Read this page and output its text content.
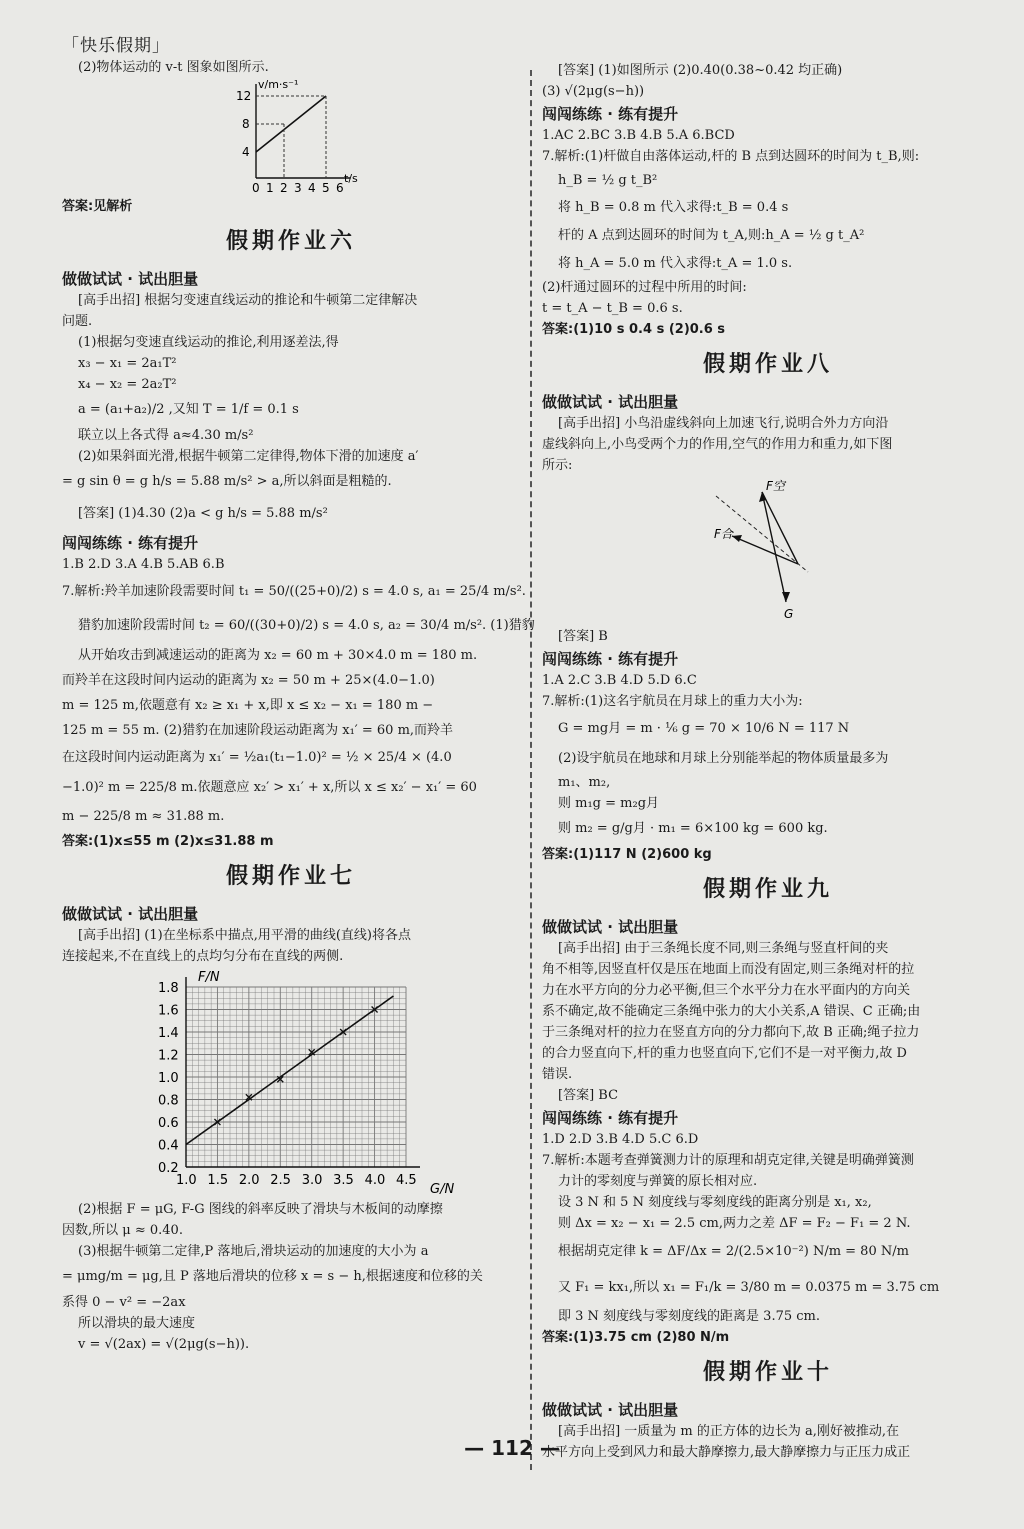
「快乐假期」

(2)物体运动的 v-t 图象如图所示.

v/m·s⁻¹
t/s
12
8
4
0 1 2 3 4 5 6

答案:见解析

假期作业六

做做试试 · 试出胆量

[高手出招] 根据匀变速直线运动的推论和牛顿第二定律解决

问题.

(1)根据匀变速直线运动的推论,利用逐差法,得

x₃ − x₁ = 2a₁T²

x₄ − x₂ = 2a₂T²

a = (a₁+a₂)/2 ,又知 T = 1/f = 0.1 s

联立以上各式得 a≈4.30 m/s²

(2)如果斜面光滑,根据牛顿第二定律得,物体下滑的加速度 a′

= g sin θ = g h/s = 5.88 m/s² > a,所以斜面是粗糙的.

[答案] (1)4.30 (2)a < g h/s = 5.88 m/s²

闯闯练练 · 练有提升

1.B 2.D 3.A 4.B 5.AB 6.B

7.解析:羚羊加速阶段需要时间 t₁ = 50/((25+0)/2) s = 4.0 s, a₁ = 25/4 m/s².

猎豹加速阶段需时间 t₂ = 60/((30+0)/2) s = 4.0 s, a₂ = 30/4 m/s². (1)猎豹

从开始攻击到减速运动的距离为 x₂ = 60 m + 30×4.0 m = 180 m.

而羚羊在这段时间内运动的距离为 x₂ = 50 m + 25×(4.0−1.0)

m = 125 m,依题意有 x₂ ≥ x₁ + x,即 x ≤ x₂ − x₁ = 180 m −

125 m = 55 m. (2)猎豹在加速阶段运动距离为 x₁′ = 60 m,而羚羊

在这段时间内运动距离为 x₁′ = ½a₁(t₁−1.0)² = ½ × 25/4 × (4.0

−1.0)² m = 225/8 m.依题意应 x₂′ > x₁′ + x,所以 x ≤ x₂′ − x₁′ = 60

m − 225/8 m ≈ 31.88 m.

答案:(1)x≤55 m (2)x≤31.88 m

假期作业七

做做试试 · 试出胆量

[高手出招] (1)在坐标系中描点,用平滑的曲线(直线)将各点

连接起来,不在直线上的点均匀分布在直线的两侧.

1.0 1.5 2.0 2.5 3.0 3.5 4.0 4.5
0.2
0.4
0.6
0.8
1.0
1.2
1.4
1.6
1.8
F/N
G/N

(2)根据 F = μG, F-G 图线的斜率反映了滑块与木板间的动摩擦

因数,所以 μ ≈ 0.40.

(3)根据牛顿第二定律,P 落地后,滑块运动的加速度的大小为 a

= μmg/m = μg,且 P 落地后滑块的位移 x = s − h,根据速度和位移的关

系得 0 − v² = −2ax

所以滑块的最大速度

v = √(2ax) = √(2μg(s−h)).

[答案] (1)如图所示 (2)0.40(0.38~0.42 均正确)

(3) √(2μg(s−h))

闯闯练练 · 练有提升

1.AC 2.BC 3.B 4.B 5.A 6.BCD

7.解析:(1)杆做自由落体运动,杆的 B 点到达圆环的时间为 t_B,则:

h_B = ½ g t_B²

将 h_B = 0.8 m 代入求得:t_B = 0.4 s

杆的 A 点到达圆环的时间为 t_A,则:h_A = ½ g t_A²

将 h_A = 5.0 m 代入求得:t_A = 1.0 s.

(2)杆通过圆环的过程中所用的时间:

t = t_A − t_B = 0.6 s.

答案:(1)10 s 0.4 s (2)0.6 s

假期作业八

做做试试 · 试出胆量

[高手出招] 小鸟沿虚线斜向上加速飞行,说明合外力方向沿

虚线斜向上,小鸟受两个力的作用,空气的作用力和重力,如下图

所示:

F空
F合
G

[答案] B

闯闯练练 · 练有提升

1.A 2.C 3.B 4.D 5.D 6.C

7.解析:(1)这名宇航员在月球上的重力大小为:

G = mg月 = m · ⅙ g = 70 × 10/6 N = 117 N

(2)设宇航员在地球和月球上分别能举起的物体质量最多为

m₁、m₂,

则 m₁g = m₂g月

则 m₂ = g/g月 · m₁ = 6×100 kg = 600 kg.

答案:(1)117 N (2)600 kg

假期作业九

做做试试 · 试出胆量

[高手出招] 由于三条绳长度不同,则三条绳与竖直杆间的夹

角不相等,因竖直杆仅是压在地面上而没有固定,则三条绳对杆的拉

力在水平方向的分力必平衡,但三个水平分力在水平面内的方向关

系不确定,故不能确定三条绳中张力的大小关系,A 错误、C 正确;由

于三条绳对杆的拉力在竖直方向的分力都向下,故 B 正确;绳子拉力

的合力竖直向下,杆的重力也竖直向下,它们不是一对平衡力,故 D

错误.

[答案] BC

闯闯练练 · 练有提升

1.D 2.D 3.B 4.D 5.C 6.D

7.解析:本题考查弹簧测力计的原理和胡克定律,关键是明确弹簧测

力计的零刻度与弹簧的原长相对应.

设 3 N 和 5 N 刻度线与零刻度线的距离分别是 x₁, x₂,

则 Δx = x₂ − x₁ = 2.5 cm,两力之差 ΔF = F₂ − F₁ = 2 N.

根据胡克定律 k = ΔF/Δx = 2/(2.5×10⁻²) N/m = 80 N/m

又 F₁ = kx₁,所以 x₁ = F₁/k = 3/80 m = 0.0375 m = 3.75 cm

即 3 N 刻度线与零刻度线的距离是 3.75 cm.

答案:(1)3.75 cm (2)80 N/m

假期作业十

做做试试 · 试出胆量

[高手出招] 一质量为 m 的正方体的边长为 a,刚好被推动,在

水平方向上受到风力和最大静摩擦力,最大静摩擦力与正压力成正

— 112 —
